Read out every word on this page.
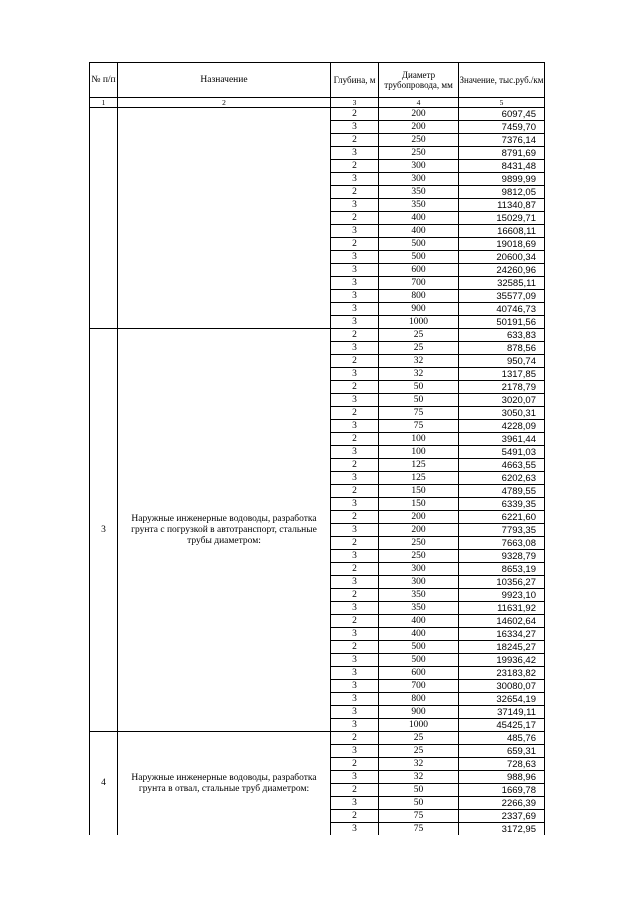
№ п/п	Назначение	Глубина, м	Диаметр трубопровода, мм	Значение, тыс.руб./км
1	2	3	4	5
		2	200	6097,45
		3	200	7459,70
		2	250	7376,14
		3	250	8791,69
		2	300	8431,48
		3	300	9899,99
		2	350	9812,05
		3	350	11340,87
		2	400	15029,71
		3	400	16608,11
		2	500	19018,69
		3	500	20600,34
		3	600	24260,96
		3	700	32585,11
		3	800	35577,09
		3	900	40746,73
		3	1000	50191,56
3	Наружные инженерные водоводы, разработка грунта с погрузкой в автотранспорт, стальные трубы диаметром:	2	25	633,83
		3	25	878,56
		2	32	950,74
		3	32	1317,85
		2	50	2178,79
		3	50	3020,07
		2	75	3050,31
		3	75	4228,09
		2	100	3961,44
		3	100	5491,03
		2	125	4663,55
		3	125	6202,63
		2	150	4789,55
		3	150	6339,35
		2	200	6221,60
		3	200	7793,35
		2	250	7663,08
		3	250	9328,79
		2	300	8653,19
		3	300	10356,27
		2	350	9923,10
		3	350	11631,92
		2	400	14602,64
		3	400	16334,27
		2	500	18245,27
		3	500	19936,42
		3	600	23183,82
		3	700	30080,07
		3	800	32654,19
		3	900	37149,11
		3	1000	45425,17
4	Наружные инженерные водоводы, разработка грунта в отвал, стальные труб диаметром:	2	25	485,76
		3	25	659,31
		2	32	728,63
		3	32	988,96
		2	50	1669,78
		3	50	2266,39
		2	75	2337,69
		3	75	3172,95
